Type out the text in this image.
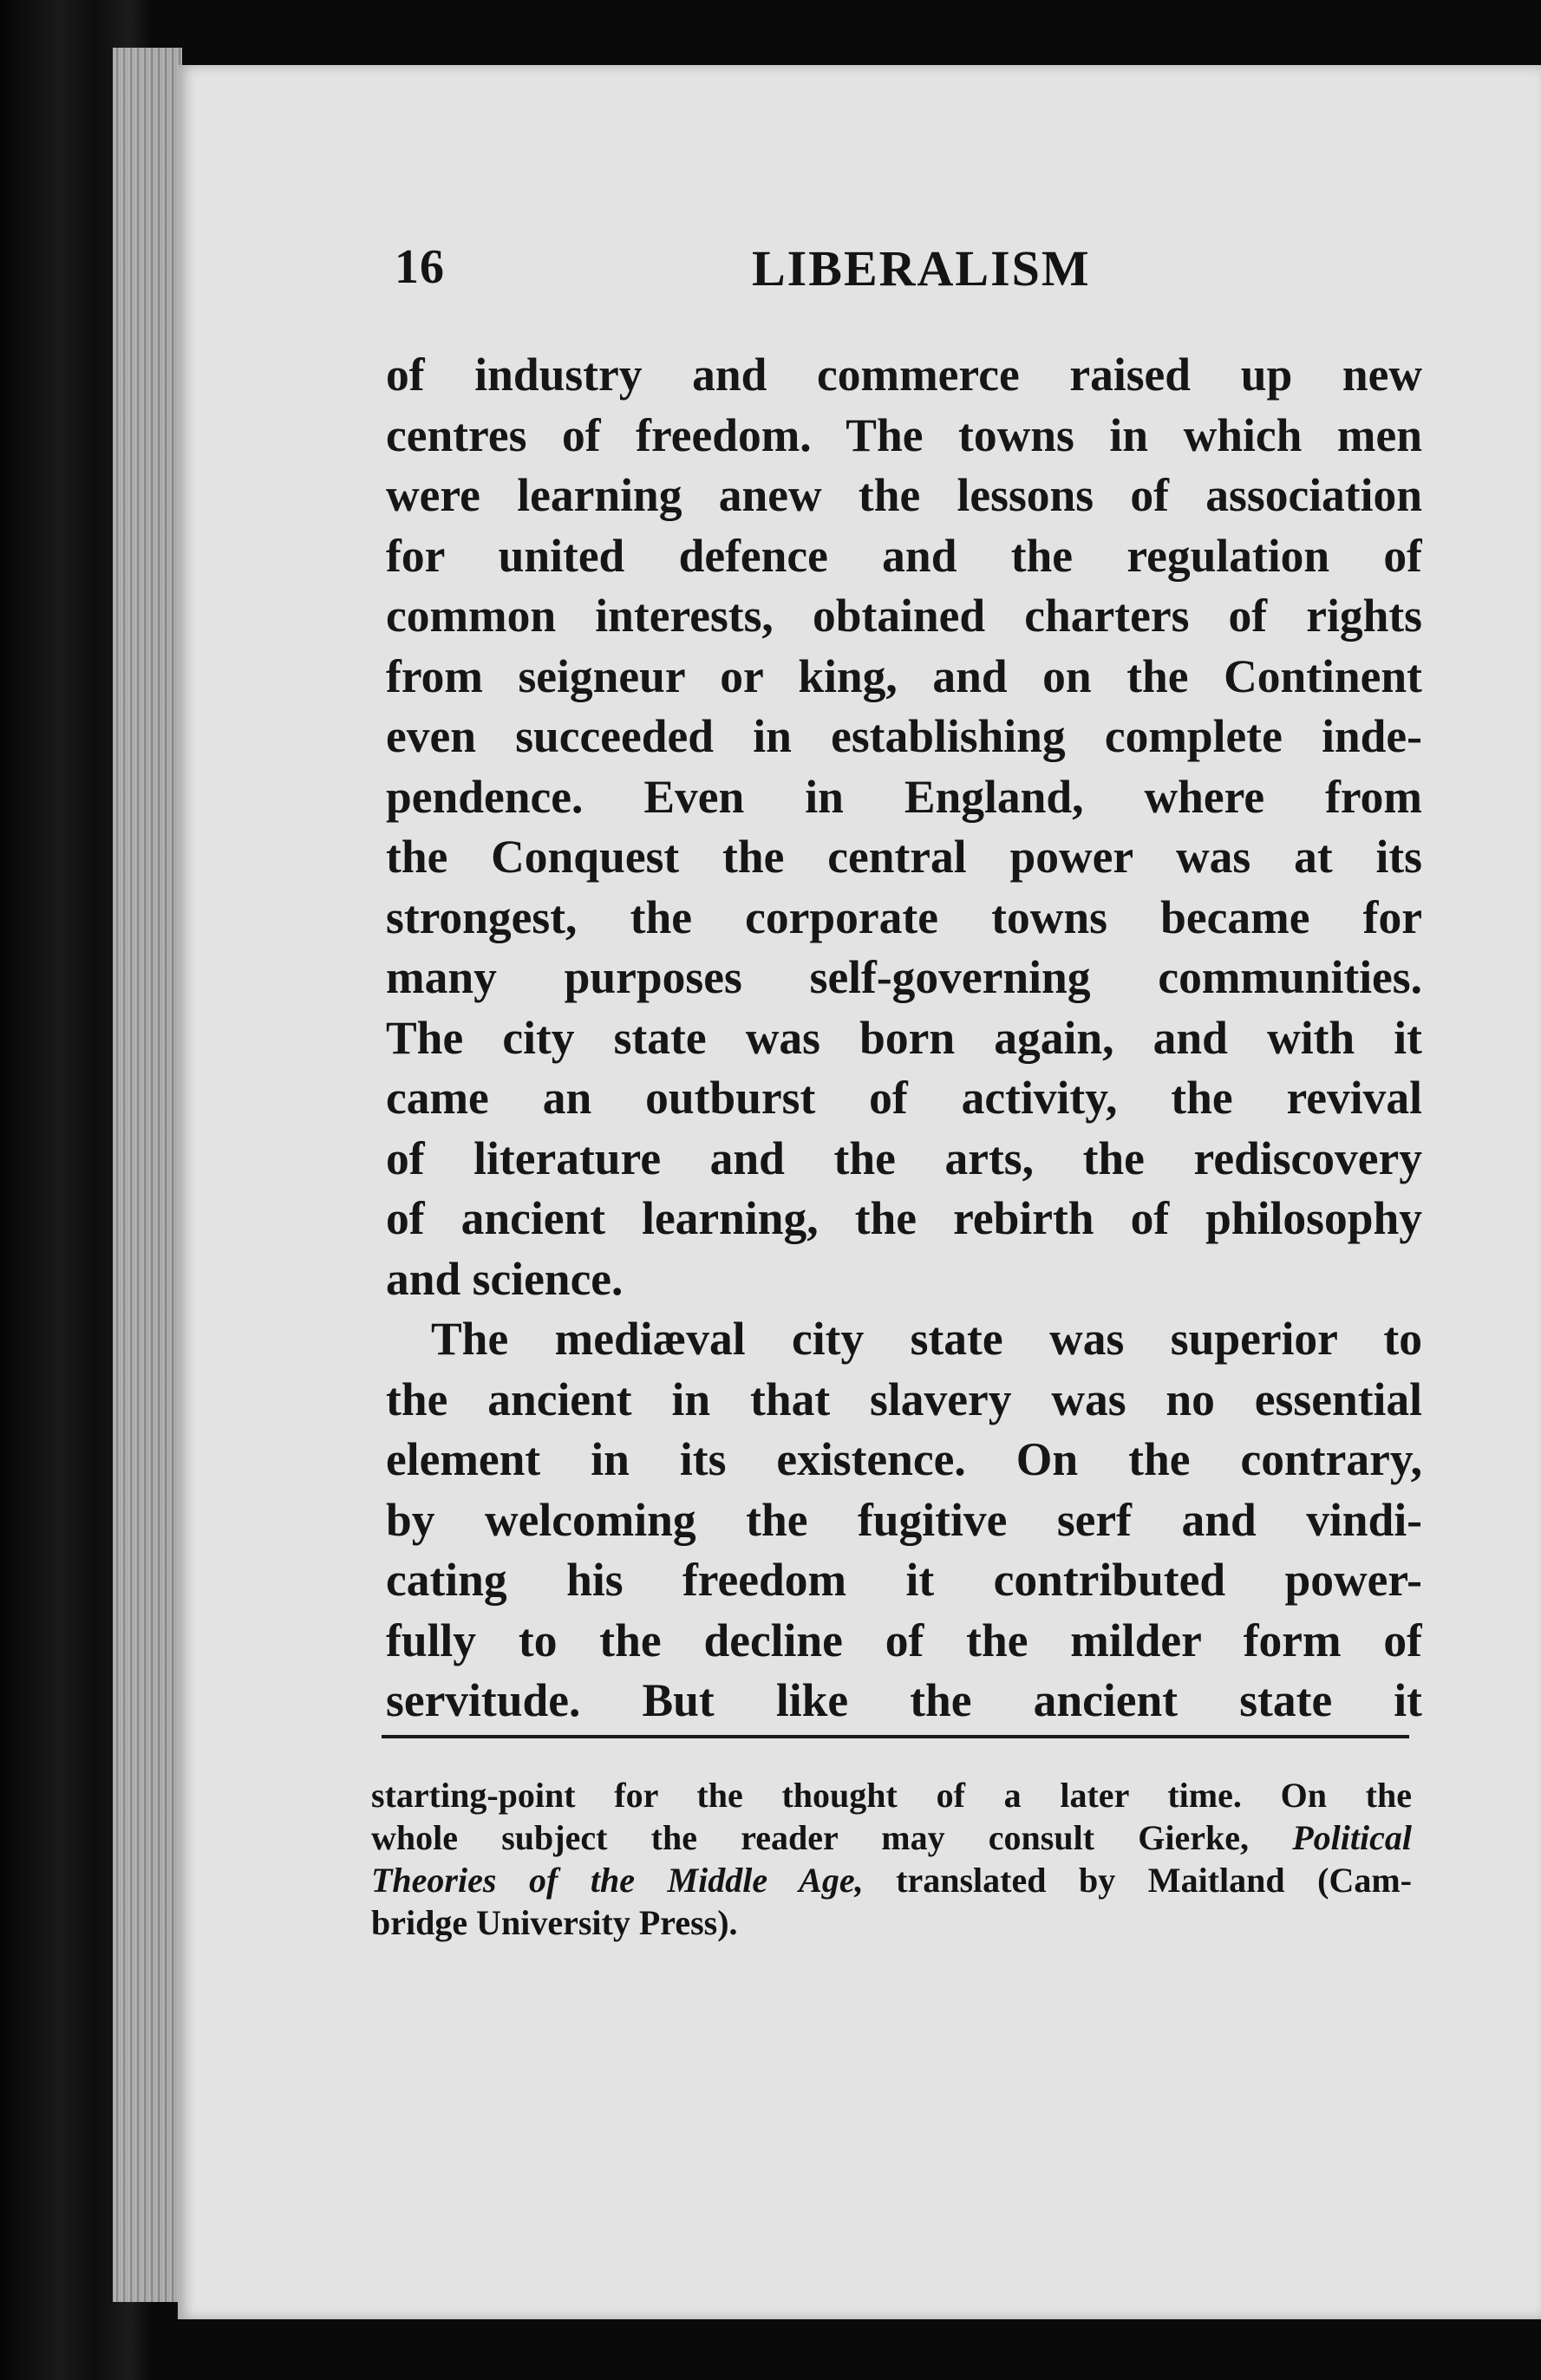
16	LIBERALISM
of industry and commerce raised up new
centres of freedom. The towns in which men
were learning anew the lessons of association
for united defence and the regulation of
common interests, obtained charters of rights
from seigneur or king, and on the Continent
even succeeded in establishing complete inde-
pendence. Even in England, where from
the Conquest the central power was at its
strongest, the corporate towns became for
many purposes self-governing communities.
The city state was born again, and with it
came an outburst of activity, the revival
of literature and the arts, the rediscovery
of ancient learning, the rebirth of philosophy
and science.
The mediæval city state was superior to
the ancient in that slavery was no essential
element in its existence. On the contrary,
by welcoming the fugitive serf and vindi-
cating his freedom it contributed power-
fully to the decline of the milder form of
servitude. But like the ancient state it
starting-point for the thought of a later time. On the
whole subject the reader may consult Gierke, Political
Theories of the Middle Age, translated by Maitland (Cam-
bridge University Press).
